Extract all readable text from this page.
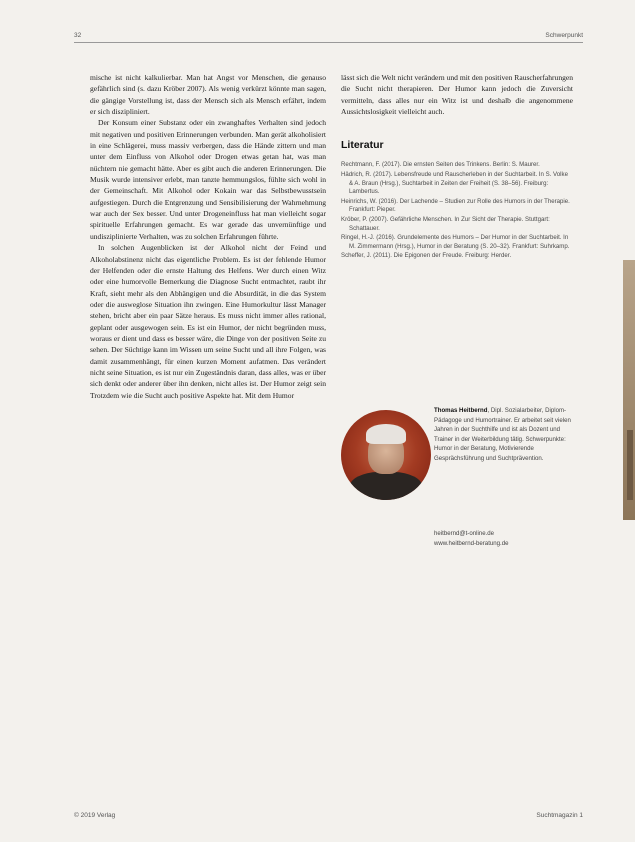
32	Schwerpunkt

mische ist nicht kalkulierbar. Man hat Angst vor Menschen, die genauso gefährlich sind (s. dazu Kröber 2007). Als wenig verkürzt könnte man sagen, die gängige Vorstellung ist, dass der Mensch sich als Mensch erfährt, indem er sich diszipliniert.

Der Konsum einer Substanz oder ein zwanghaftes Verhalten sind jedoch mit negativen und positiven Erinnerungen verbunden. Man gerät alkoholisiert in eine Schlägerei, muss massiv verbergen, dass die Hände zittern und man unter dem Einfluss von Alkohol oder Drogen etwas getan hat, was man nüchtern nie gemacht hätte. Aber es gibt auch die anderen Erinnerungen. Die Musik wurde intensiver erlebt, man tanzte hemmungslos, fühlte sich wohl in der Gemeinschaft. Mit Alkohol oder Kokain war das Selbstbewusstsein aufgestiegen. Durch die Entgrenzung und Sensibilisierung der Wahrnehmung war auch der Sex besser. Und unter Drogeneinfluss hat man vielleicht sogar spirituelle Erfahrungen gemacht. Es war gerade das unvernünftige und undisziplinierte Verhalten, was zu solchen Erfahrungen führte.

In solchen Augenblicken ist der Alkohol nicht der Feind und Alkoholabstinenz nicht das eigentliche Problem. Es ist der fehlende Humor der Helfenden oder die ernste Haltung des Helfens. Wer durch einen Witz oder eine humorvolle Bemerkung die Diagnose Sucht entmachtet, raubt ihr Kraft, sieht mehr als den Abhängigen und die Absurdität, in die das System oder die ausweglose Situation ihn zwingen. Eine Humorkultur lässt Manager stehen, bricht aber ein paar Sätze heraus. Es muss nicht immer alles rational, geplant oder ausgewogen sein. Es ist ein Humor, der nicht begründen muss, woraus er dient und dass es besser wäre, die Dinge von der positiven Seite zu sehen. Der Süchtige kann im Wissen um seine Sucht und all ihre Folgen, was damit zusammenhängt, für einen kurzen Moment aufatmen. Das verändert nicht seine Situation, es ist nur ein Zugeständnis daran, dass alles, was er über sich denkt oder anderer über ihn denken, nicht alles ist. Der Humor zeigt sein Trotzdem wie die Sucht auch positive Aspekte hat. Mit dem Humor

lässt sich die Welt nicht verändern und mit den positiven Rauscherfahrungen die Sucht nicht therapieren. Der Humor kann jedoch die Zuversicht vermitteln, dass alles nur ein Witz ist und deshalb die angenommene Aussichtslosigkeit vielleicht auch.

Literatur

Rechtmann, F. (2017). Die ernsten Seiten des Trinkens. Berlin: S. Maurer.

Hädrich, R. (2017). Lebensfreude und Rauscherleben in der Suchtarbeit. In S. Volke & A. Braun (Hrsg.), Suchtarbeit in Zeiten der Freiheit (S. 38–56). Freiburg: Lambertus.

Heinrichs, W. (2016). Der Lachende – Studien zur Rolle des Humors in der Therapie. Frankfurt: Pieper.

Kröber, P. (2007). Gefährliche Menschen. In Zur Sicht der Therapie. Stuttgart: Schattauer.

Ringel, H.-J. (2016). Grundelemente des Humors – Der Humor in der Suchtarbeit. In M. Zimmermann (Hrsg.), Humor in der Beratung (S. 20–32). Frankfurt: Suhrkamp.

Scheffer, J. (2011). Die Epigonen der Freude. Freiburg: Herder.

Thomas Heitbernd, Dipl. Sozialarbeiter, Diplom-Pädagoge und Humortrainer. Er arbeitet seit vielen Jahren in der Suchthilfe und ist als Dozent und Trainer in der Weiterbildung tätig. Schwerpunkte: Humor in der Beratung, Motivierende Gesprächsführung und Suchtprävention.
heitbernd@t-online.de
www.heitbernd-beratung.de
© 2019 Verlag	Suchtmagazin 1
